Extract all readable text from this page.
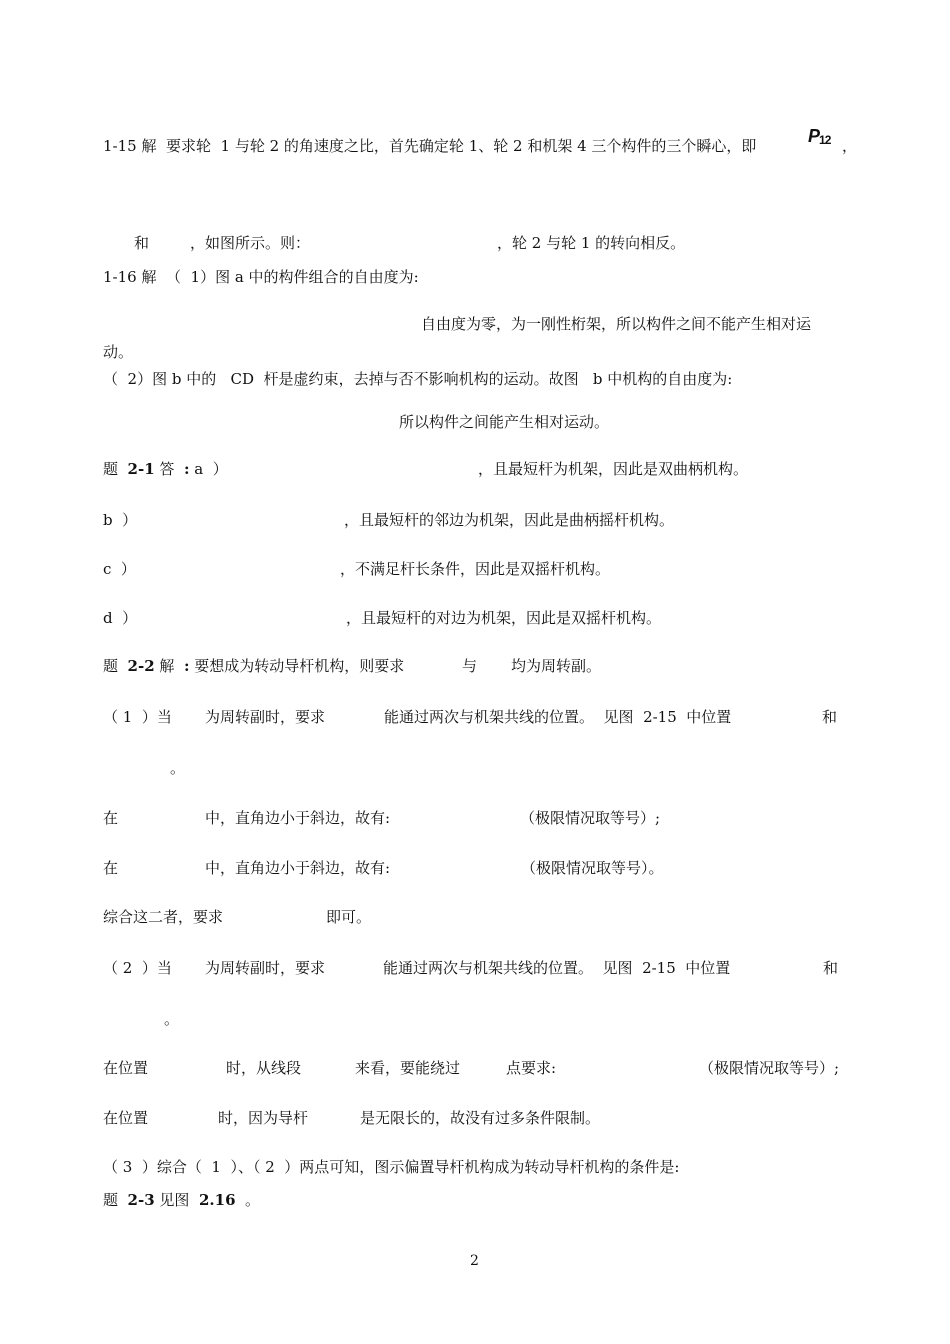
1-15 解  要求轮  1 与轮 2 的角速度之比，首先确定轮 1、轮 2 和机架 4 三个构件的三个瞬心，即	$P_{12}$ ，
和	，如图所示。则：	，轮 2 与轮 1 的转向相反。
1-16 解  （  1）图 a 中的构件组合的自由度为:
自由度为零，为一刚性桁架，所以构件之间不能产生相对运
动。
（  2）图 b 中的   CD  杆是虚约束，去掉与否不影响机构的运动。故图   b 中机构的自由度为:
所以构件之间能产生相对运动。
题  2-1 答  : a  ）	，且最短杆为机架，因此是双曲柄机构。
b  ）	，且最短杆的邻边为机架，因此是曲柄摇杆机构。
c  ）	，不满足杆长条件，因此是双摇杆机构。
d  ）	，且最短杆的对边为机架，因此是双摇杆机构。
题  2-2 解  : 要想成为转动导杆机构，则要求	与 均为周转副。
（ 1  ）当 为周转副时，要求	能通过两次与机架共线的位置。  见图  2-15  中位置	和
。
在	中，直角边小于斜边，故有:	（极限情况取等号）;
在	中，直角边小于斜边，故有:	（极限情况取等号）。
综合这二者，要求	即可。
（ 2  ）当 为周转副时，要求	能通过两次与机架共线的位置。  见图  2-15  中位置	和
。
在位置	时，从线段	来看，要能绕过	点要求:	（极限情况取等号）;
在位置	时，因为导杆	是无限长的，故没有过多条件限制。
（ 3  ）综合（  1  ）、（ 2  ）两点可知，图示偏置导杆机构成为转动导杆机构的条件是:
题  2-3 见图  2.16  。
2
